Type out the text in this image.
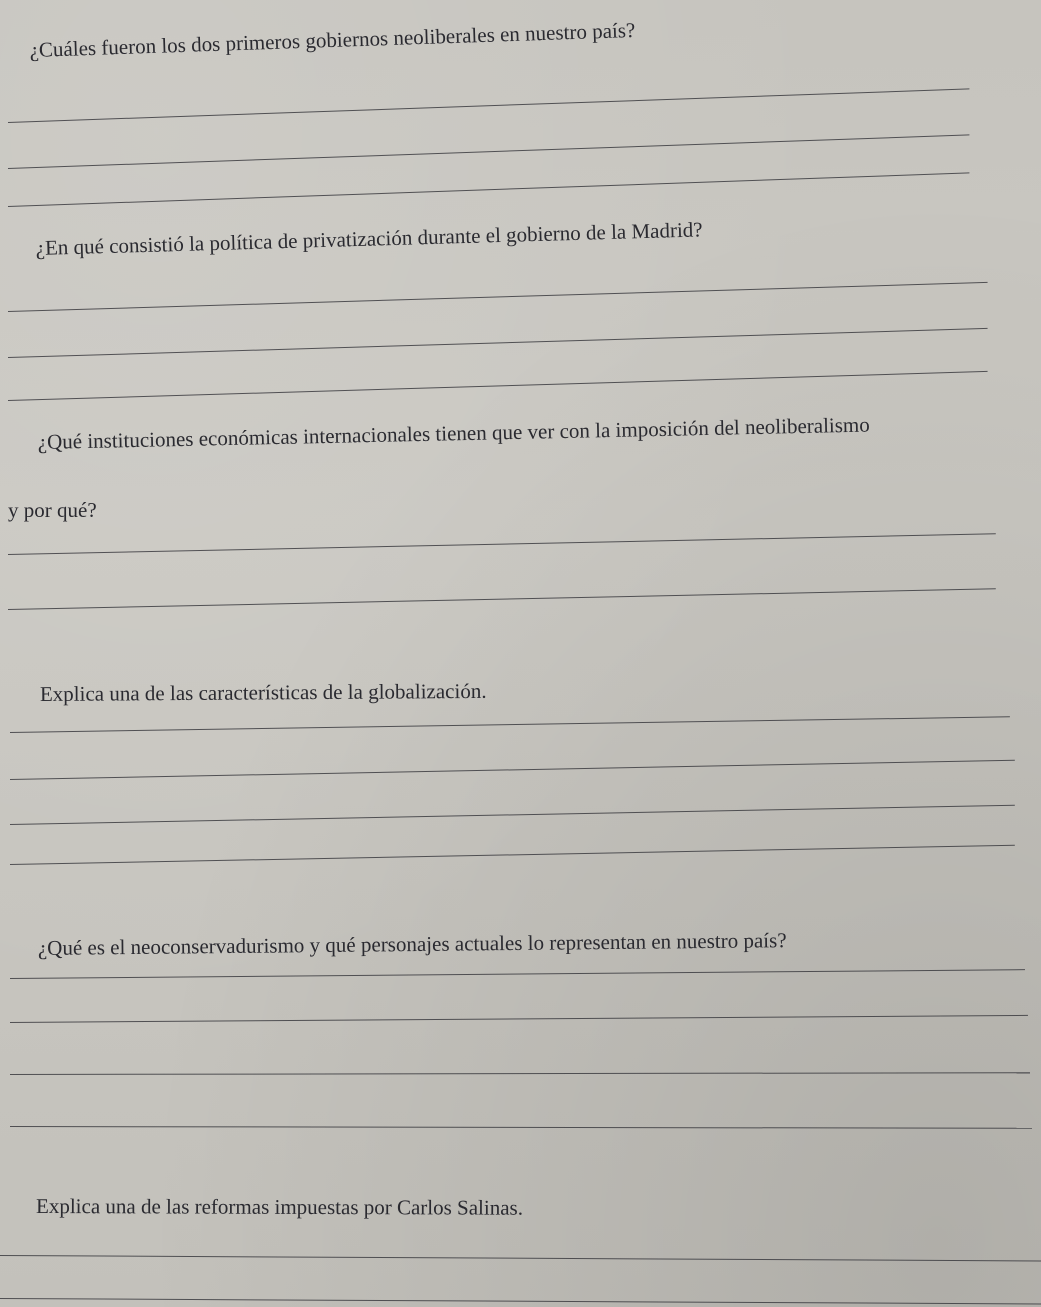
¿Cuáles fueron los dos primeros gobiernos neoliberales en nuestro país?
¿En qué consistió la política de privatización durante el gobierno de la Madrid?
¿Qué instituciones económicas internacionales tienen que ver con la imposición del neoliberalismo
y por qué?
Explica una de las características de la globalización.
¿Qué es el neoconservadurismo y qué personajes actuales lo representan en nuestro país?
Explica una de las reformas impuestas por Carlos Salinas.
